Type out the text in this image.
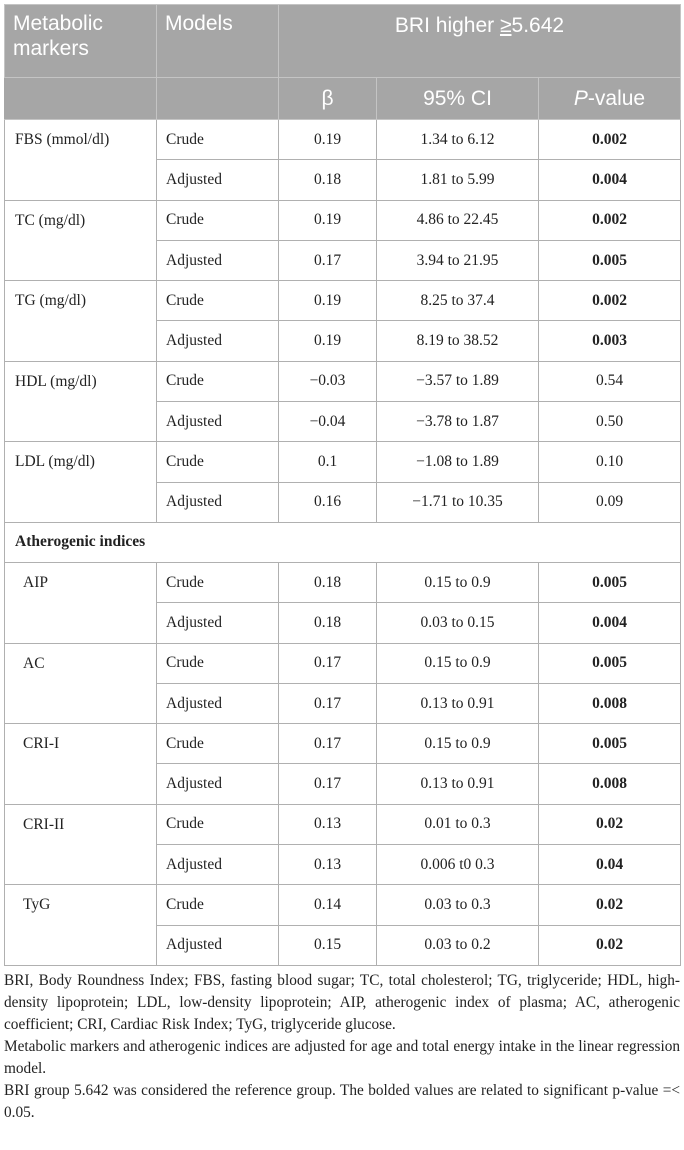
Metabolic markers	Models	BRI higher ≥5.642		
		β	95% CI	P-value
FBS (mmol/dl)	Crude	0.19	1.34 to 6.12	0.002
	Adjusted	0.18	1.81 to 5.99	0.004
TC (mg/dl)	Crude	0.19	4.86 to 22.45	0.002
	Adjusted	0.17	3.94 to 21.95	0.005
TG (mg/dl)	Crude	0.19	8.25 to 37.4	0.002
	Adjusted	0.19	8.19 to 38.52	0.003
HDL (mg/dl)	Crude	−0.03	−3.57 to 1.89	0.54
	Adjusted	−0.04	−3.78 to 1.87	0.50
LDL (mg/dl)	Crude	0.1	−1.08 to 1.89	0.10
	Adjusted	0.16	−1.71 to 10.35	0.09
Atherogenic indices				
AIP	Crude	0.18	0.15 to 0.9	0.005
	Adjusted	0.18	0.03 to 0.15	0.004
AC	Crude	0.17	0.15 to 0.9	0.005
	Adjusted	0.17	0.13 to 0.91	0.008
CRI-I	Crude	0.17	0.15 to 0.9	0.005
	Adjusted	0.17	0.13 to 0.91	0.008
CRI-II	Crude	0.13	0.01 to 0.3	0.02
	Adjusted	0.13	0.006 t0 0.3	0.04
TyG	Crude	0.14	0.03 to 0.3	0.02
	Adjusted	0.15	0.03 to 0.2	0.02

BRI, Body Roundness Index; FBS, fasting blood sugar; TC, total cholesterol; TG, triglyceride; HDL, high-density lipoprotein; LDL, low-density lipoprotein; AIP, atherogenic index of plasma; AC, atherogenic coefficient; CRI, Cardiac Risk Index; TyG, triglyceride glucose.

Metabolic markers and atherogenic indices are adjusted for age and total energy intake in the linear regression model.

BRI group 5.642 was considered the reference group. The bolded values are related to significant p-value =< 0.05.
